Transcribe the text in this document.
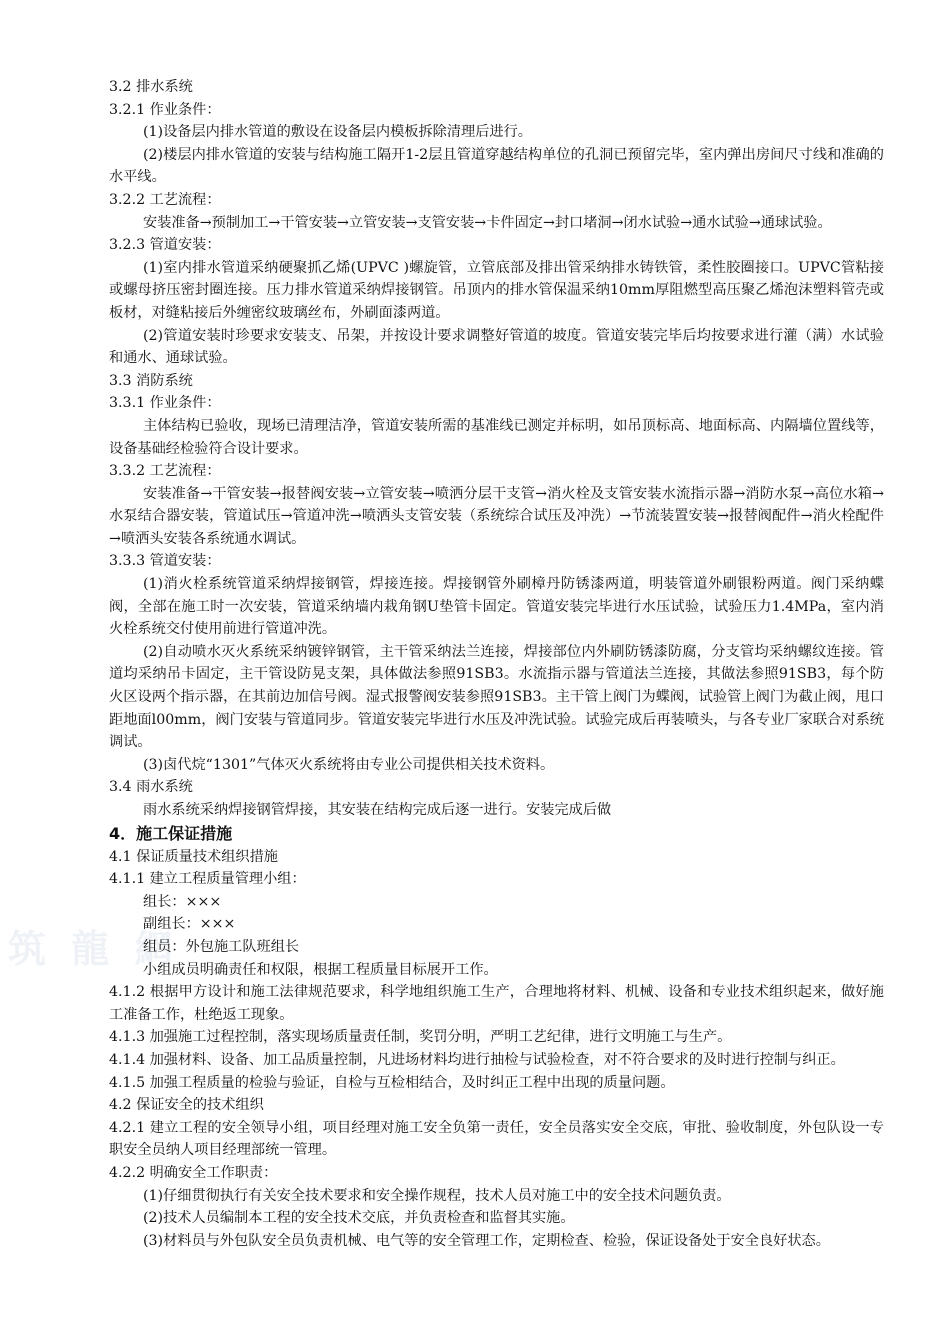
筑 龍 網

3.2 排水系统

3.2.1 作业条件：

(1)设备层内排水管道的敷设在设备层内模板拆除清理后进行。

(2)楼层内排水管道的安装与结构施工隔开1-2层且管道穿越结构单位的孔洞已预留完毕，室内弹出房间尺寸线和准确的水平线。

3.2.2 工艺流程：

安装准备→预制加工→干管安装→立管安装→支管安装→卡件固定→封口堵洞→闭水试验→通水试验→通球试验。

3.2.3 管道安装：

(1)室内排水管道采纳硬聚抓乙烯(UPVC )螺旋管，立管底部及排出管采纳排水铸铁管，柔性胶圈接口。UPVC管粘接或螺母挤压密封圈连接。压力排水管道采纳焊接钢管。吊顶内的排水管保温采纳10mm厚阻燃型高压聚乙烯泡沫塑料管壳或板材，对缝粘接后外缠密纹玻璃丝布，外刷面漆两道。

(2)管道安装时珍要求安装支、吊架，并按设计要求调整好管道的坡度。管道安装完毕后均按要求进行灌（满）水试验和通水、通球试验。

3.3 消防系统

3.3.1 作业条件：

主体结构已验收，现场已清理洁净，管道安装所需的基准线已测定并标明，如吊顶标高、地面标高、内隔墙位置线等，设备基础经检验符合设计要求。

3.3.2 工艺流程：

安装准备→干管安装→报替阀安装→立管安装→喷洒分层干支管→消火栓及支管安装水流指示器→消防水泵→高位水箱→水泵结合器安装，管道试压→管道冲洗→喷洒头支管安装（系统综合试压及冲洗）→节流装置安装→报替阀配件→消火栓配件→喷洒头安装各系统通水调试。

3.3.3 管道安装：

(1)消火栓系统管道采纳焊接钢管，焊接连接。焊接钢管外刷樟丹防锈漆两道，明装管道外刷银粉两道。阀门采纳蝶阀，全部在施工时一次安装，管道采纳墙内栽角钢U垫管卡固定。管道安装完毕进行水压试验，试验压力1.4MPa，室内消火栓系统交付使用前进行管道冲洗。

(2)自动喷水灭火系统采纳镀锌钢管，主干管采纳法兰连接，焊接部位内外刷防锈漆防腐，分支管均采纳螺纹连接。管道均采纳吊卡固定，主干管设防晃支架，具体做法参照91SB3。水流指示器与管道法兰连接，其做法参照91SB3，每个防火区设两个指示器，在其前边加信号阀。湿式报警阀安装参照91SB3。主干管上阀门为蝶阀，试验管上阀门为截止阀，甩口距地面l00mm，阀门安装与管道同步。管道安装完毕进行水压及冲洗试验。试验完成后再装喷头，与各专业厂家联合对系统调试。

(3)卤代烷“1301”气体灭火系统将由专业公司提供相关技术资料。

3.4 雨水系统

雨水系统采纳焊接钢管焊接，其安装在结构完成后逐一进行。安装完成后做

4．施工保证措施

4.1 保证质量技术组织措施

4.1.1 建立工程质量管理小组：

组长：×××

副组长：×××

组员：外包施工队班组长

小组成员明确责任和权限，根据工程质量目标展开工作。

4.1.2 根据甲方设计和施工法律规范要求，科学地组织施工生产，合理地将材料、机械、设备和专业技术组织起来，做好施工准备工作，杜绝返工现象。

4.1.3 加强施工过程控制，落实现场质量责任制，奖罚分明，严明工艺纪律，进行文明施工与生产。

4.1.4 加强材料、设备、加工品质量控制，凡进场材料均进行抽检与试验检查，对不符合要求的及时进行控制与纠正。

4.1.5 加强工程质量的检验与验证，自检与互检相结合，及时纠正工程中出现的质量问题。

4.2 保证安全的技术组织

4.2.1 建立工程的安全领导小组，项目经理对施工安全负第一责任，安全员落实安全交底，审批、验收制度，外包队设一专职安全员纳人项目经理部统一管理。

4.2.2 明确安全工作职责：

(1)仔细贯彻执行有关安全技术要求和安全操作规程，技术人员对施工中的安全技术问题负责。

(2)技术人员编制本工程的安全技术交底，并负责检查和监督其实施。

(3)材料员与外包队安全员负责机械、电气等的安全管理工作，定期检查、检验，保证设备处于安全良好状态。
